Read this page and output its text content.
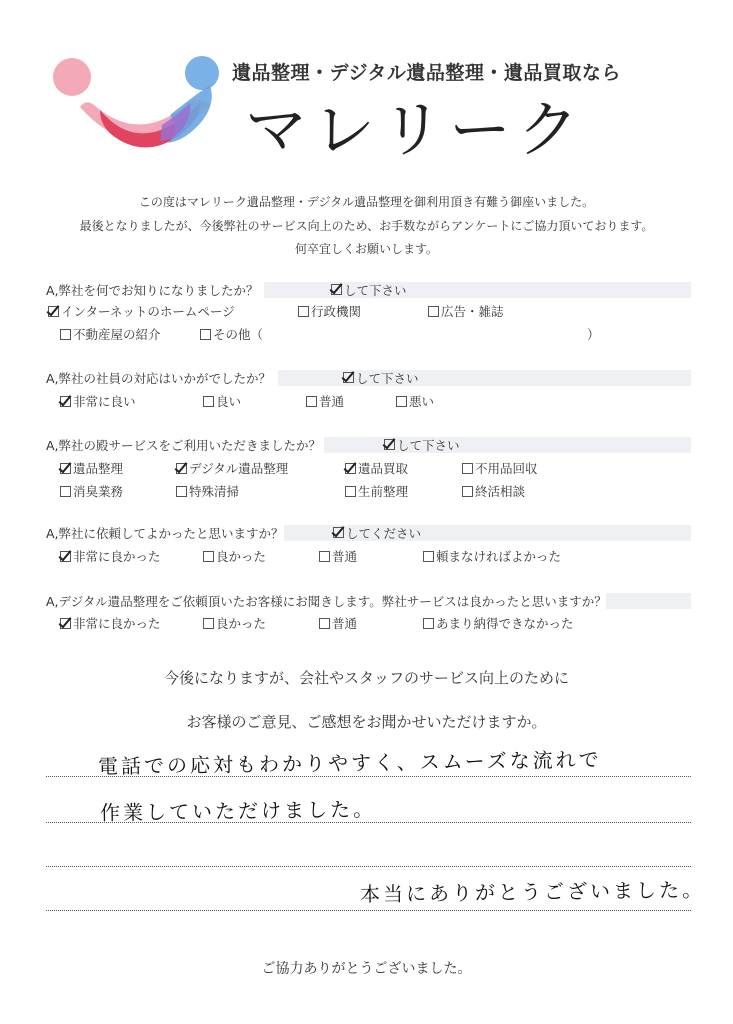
遺品整理・デジタル遺品整理・遺品買取なら
マレリーク
この度はマレリーク遺品整理・デジタル遺品整理を御利用頂き有難う御座いました。
最後となりましたが、今後弊社のサービス向上のため、お手数ながらアンケートにご協力頂いております。
何卒宜しくお願いします。
A,弊社を何でお知りになりましたか？	して下さい
インターネットのホームページ	行政機関	広告・雑誌
不動産屋の紹介	その他（	）
A,弊社の社員の対応はいかがでしたか？	して下さい
非常に良い	良い	普通	悪い
A,弊社の殿サービスをご利用いただきましたか？	して下さい
遺品整理	デジタル遺品整理	遺品買取	不用品回収
消臭業務	特殊清掃	生前整理	終活相談
A,弊社に依頼してよかったと思いますか？	してください
非常に良かった	良かった	普通	頼まなければよかった
A,デジタル遺品整理をご依頼頂いたお客様にお聞きします。弊社サービスは良かったと思いますか？
非常に良かった	良かった	普通	あまり納得できなかった
今後になりますが、会社やスタッフのサービス向上のために
お客様のご意見、ご感想をお聞かせいただけますか。
電話での応対もわかりやすく、スムーズな流れで
作業していただけました。
本当にありがとうございました。
ご協力ありがとうございました。
